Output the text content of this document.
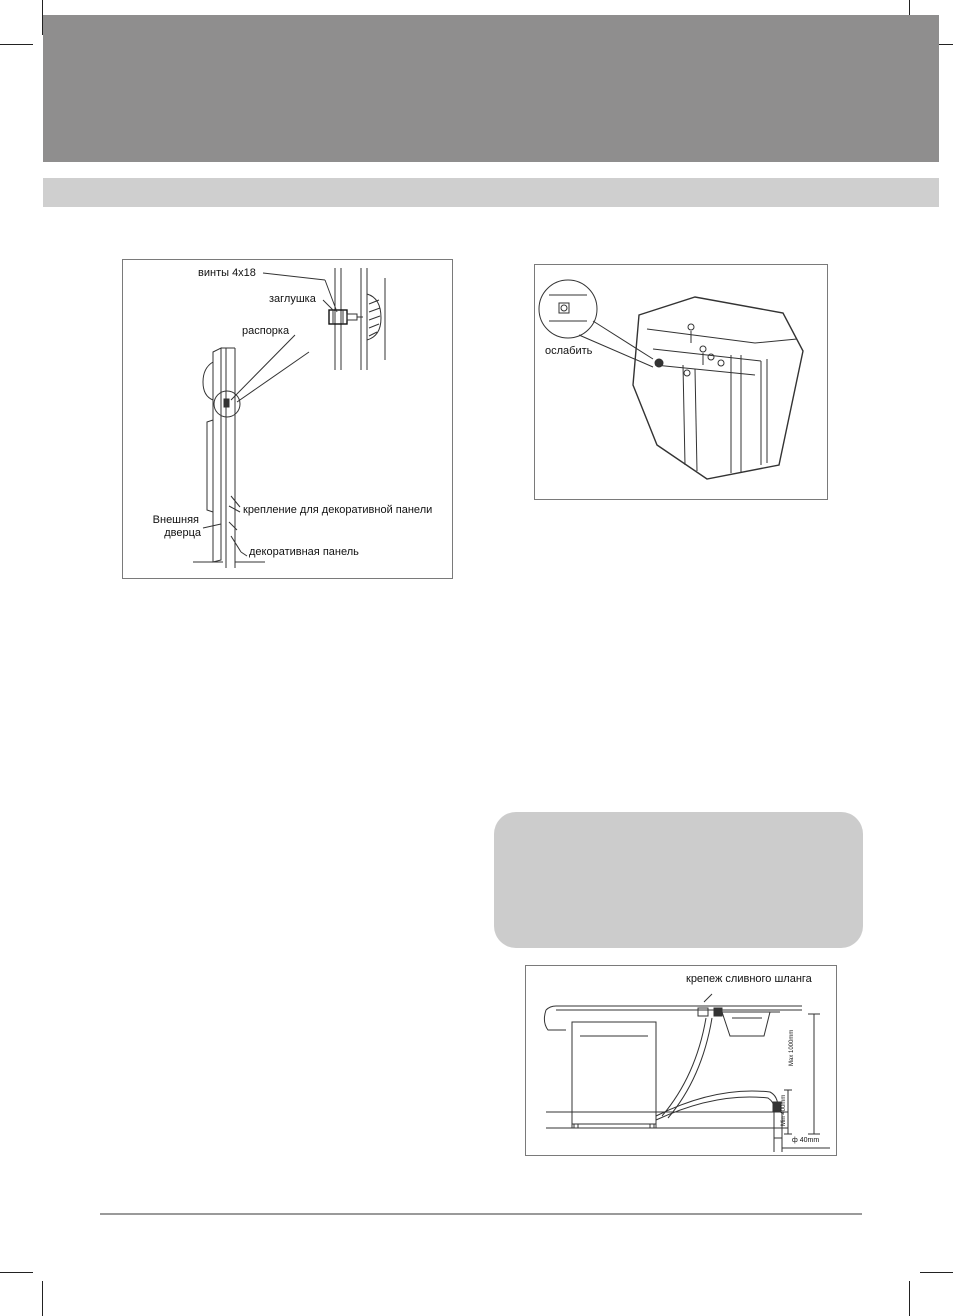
винты 4x18
заглушка
распорка
крепление для декоративной панели
Внешняя
дверца
декоративная панель
ослабить
крепеж сливного шланга
Max 1000mm
Min 400mm
ф 40mm
